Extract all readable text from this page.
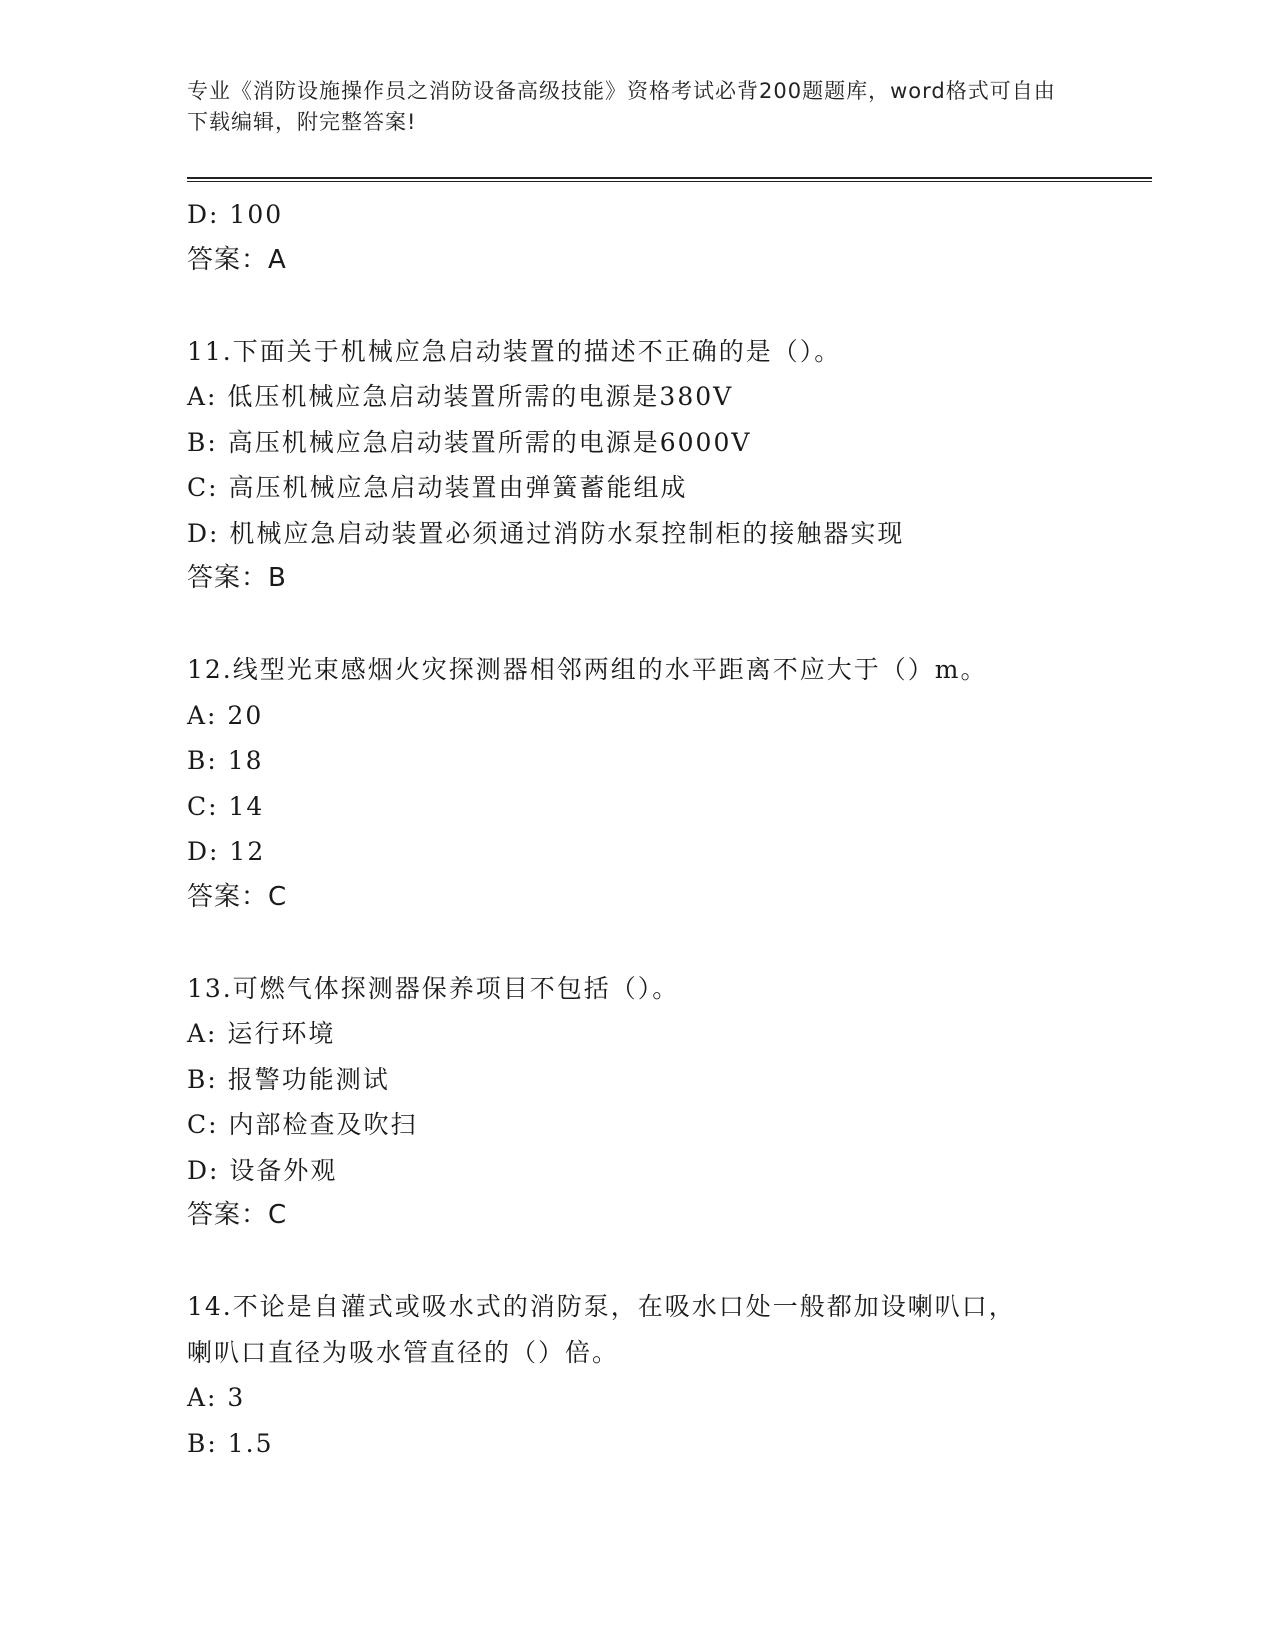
专业《消防设施操作员之消防设备高级技能》资格考试必背200题题库，word格式可自由下载编辑，附完整答案!
D: 100
答案：A
11.下面关于机械应急启动装置的描述不正确的是（）。
A: 低压机械应急启动装置所需的电源是380V
B: 高压机械应急启动装置所需的电源是6000V
C: 高压机械应急启动装置由弹簧蓄能组成
D: 机械应急启动装置必须通过消防水泵控制柜的接触器实现
答案：B
12.线型光束感烟火灾探测器相邻两组的水平距离不应大于（）m。
A: 20
B: 18
C: 14
D: 12
答案：C
13.可燃气体探测器保养项目不包括（）。
A: 运行环境
B: 报警功能测试
C: 内部检查及吹扫
D: 设备外观
答案：C
14.不论是自灌式或吸水式的消防泵，在吸水口处一般都加设喇叭口，
喇叭口直径为吸水管直径的（）倍。
A: 3
B: 1.5
